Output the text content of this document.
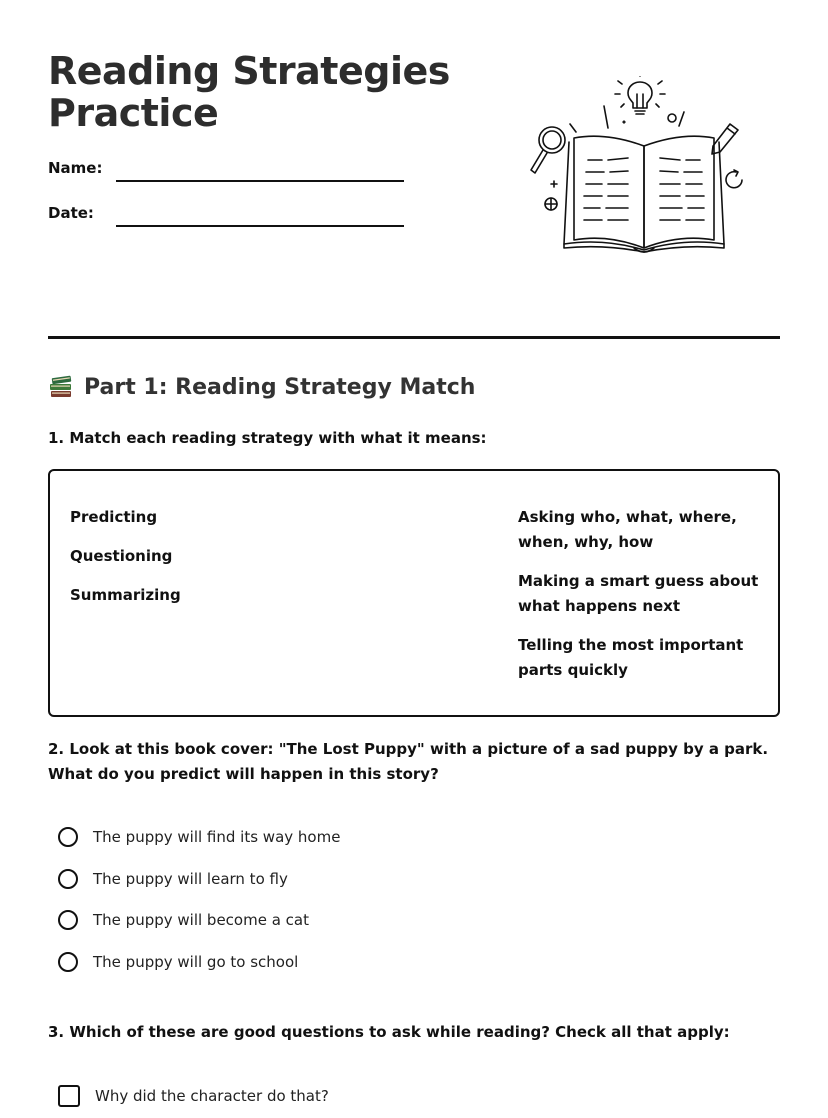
Reading Strategies
Practice
Name:
Date:
Part 1: Reading Strategy Match

1. Match each reading strategy with what it means:

Predicting
Questioning
Summarizing
Asking who, what, where, when, why, how
Making a smart guess about what happens next
Telling the most important parts quickly

2. Look at this book cover: "The Lost Puppy" with a picture of a sad puppy by a park. What do you predict will happen in this story?

The puppy will find its way home
The puppy will learn to fly
The puppy will become a cat
The puppy will go to school

3. Which of these are good questions to ask while reading? Check all that apply:

Why did the character do that?
